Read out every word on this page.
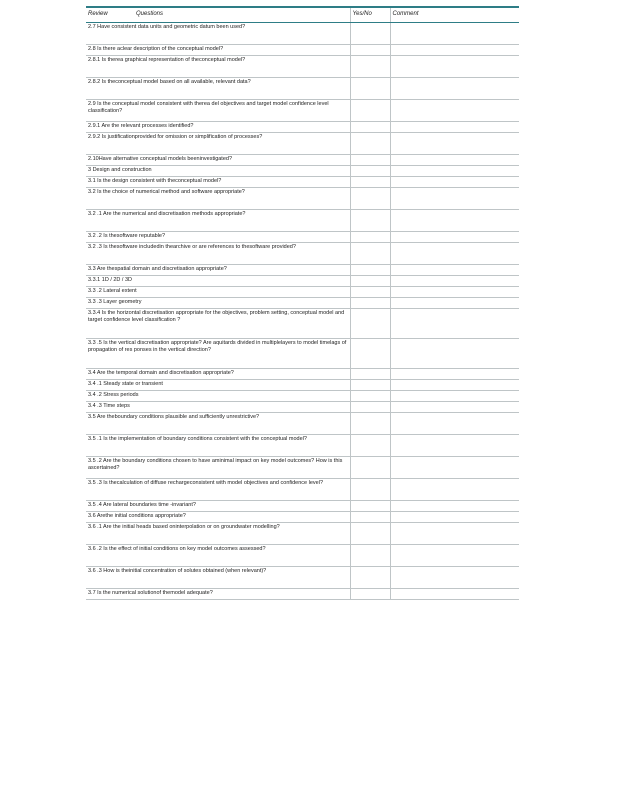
Review Questions	Yes/No	Comment
2.7 Have consistent data units and geometric datum been used?		
2.8 Is there aclear description of the conceptual model?		
2.8.1 Is therea graphical representation of theconceptual model?		
2.8.2 Is theconceptual model based on all available, relevant data?		
2.9 Is the conceptual model consistent with therea del objectives and target model confidence level classification?		
2.9.1 Are the relevant processes identified?		
2.9.2 Is justificationprovided for omission or simplification of processes?		
2.10Have alternative conceptual models beeninvestigated?		
3 Design and construction		
3.1 Is the design consistent with theconceptual model?		
3.2 Is the choice of numerical method and software appropriate?		
3.2 .1 Are the numerical and discretisation methods appropriate?		
3.2 .2 Is thesoftware reputable?		
3.2 .3 Is thesoftware includedin thearchive or are references to thesoftware provided?		
3.3 Are thespatial domain and discretisation appropriate?		
3.3.1 1D / 2D / 3D		
3.3 .2 Lateral extent		
3.3 .3 Layer geometry		
3.3.4 Is the horizontal discretisation appropriate for the objectives, problem setting, conceptual model and target confidence level classification ?		
3.3 .5 Is the vertical discretisation appropriate? Are aquitards divided in multiplelayers to model timelags of propagation of res ponses in the vertical direction?		
3.4 Are the temporal domain and discretisation appropriate?		
3.4 .1 Steady state or transient		
3.4 .2 Stress periods		
3.4 .3 Time steps		
3.5 Are theboundary conditions plausible and sufficiently unrestrictive?		
3.5 .1 Is the implementation of boundary conditions consistent with the conceptual model?		
3.5 .2 Are the boundary conditions chosen to have aminimal impact on key model outcomes? How is this ascertained?		
3.5 .3 Is thecalculation of diffuse rechargeconsistent with model objectives and confidence level?		
3.5 .4 Are lateral boundaries time -invariant?		
3.6 Arethe initial conditions appropriate?		
3.6 .1 Are the initial heads based oninterpolation or on groundwater modelling?		
3.6 .2 Is the effect of initial conditions on key model outcomes assessed?		
3.6 .3 How is theinitial concentration of solutes obtained (when relevant)?		
3.7 Is the numerical solutionof themodel adequate?		
